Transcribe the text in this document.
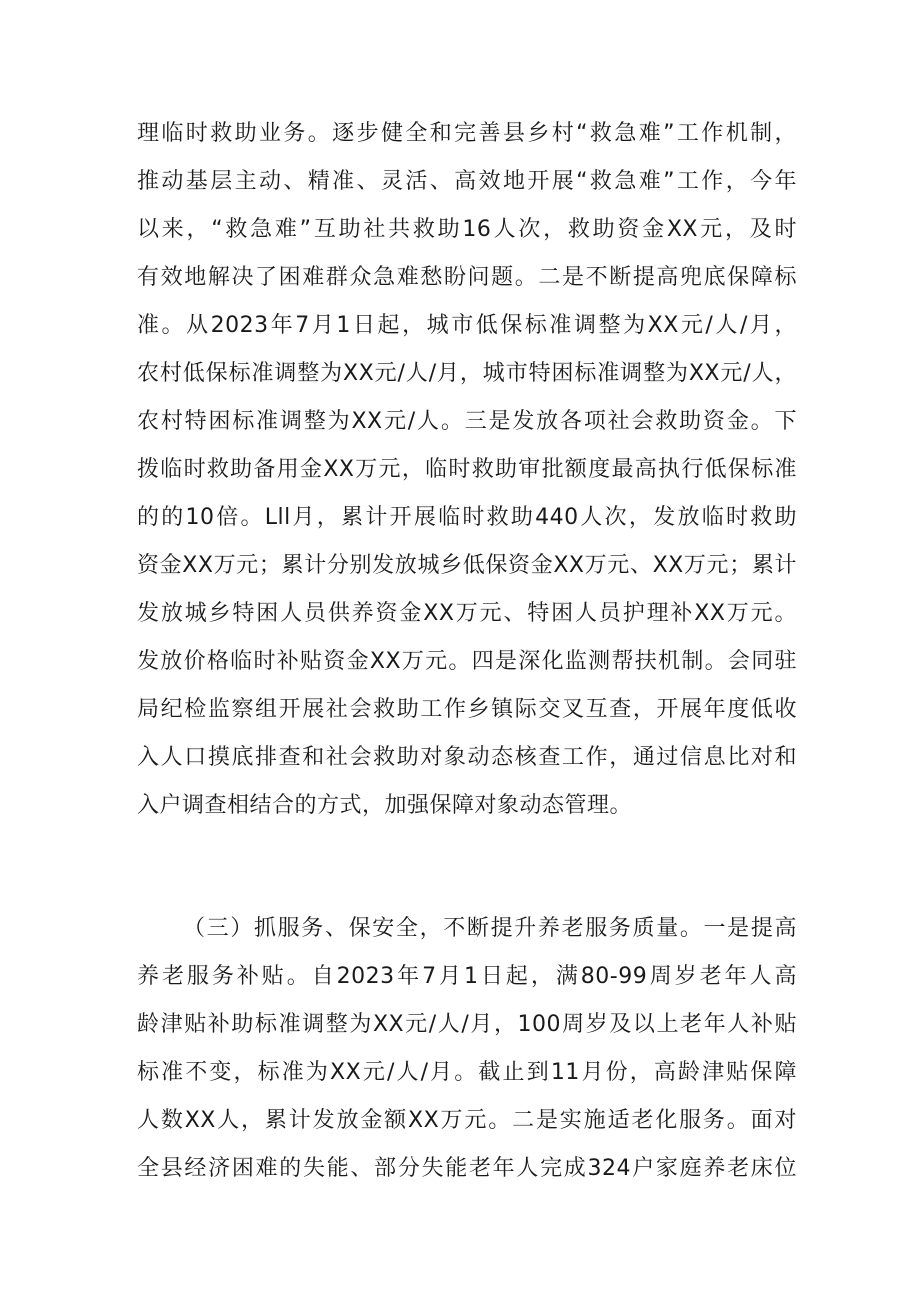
理临时救助业务。逐步健全和完善县乡村“救急难”工作机制，
推动基层主动、精准、灵活、高效地开展“救急难”工作，今年
以来，“救急难”互助社共救助16人次，救助资金XX元，及时
有效地解决了困难群众急难愁盼问题。二是不断提高兜底保障标
准。从2023年7月1日起，城市低保标准调整为XX元/人/月，
农村低保标准调整为XX元/人/月，城市特困标准调整为XX元/人，
农村特困标准调整为XX元/人。三是发放各项社会救助资金。下
拨临时救助备用金XX万元，临时救助审批额度最高执行低保标准
的的10倍。Lll月，累计开展临时救助440人次，发放临时救助
资金XX万元；累计分别发放城乡低保资金XX万元、XX万元；累计
发放城乡特困人员供养资金XX万元、特困人员护理补XX万元。
发放价格临时补贴资金XX万元。四是深化监测帮扶机制。会同驻
局纪检监察组开展社会救助工作乡镇际交叉互查，开展年度低收
入人口摸底排查和社会救助对象动态核查工作，通过信息比对和
入户调查相结合的方式，加强保障对象动态管理。
（三）抓服务、保安全，不断提升养老服务质量。一是提高
养老服务补贴。自2023年7月1日起，满80-99周岁老年人高
龄津贴补助标准调整为XX元/人/月，100周岁及以上老年人补贴
标准不变，标准为XX元/人/月。截止到11月份，高龄津贴保障
人数XX人，累计发放金额XX万元。二是实施适老化服务。面对
全县经济困难的失能、部分失能老年人完成324户家庭养老床位
